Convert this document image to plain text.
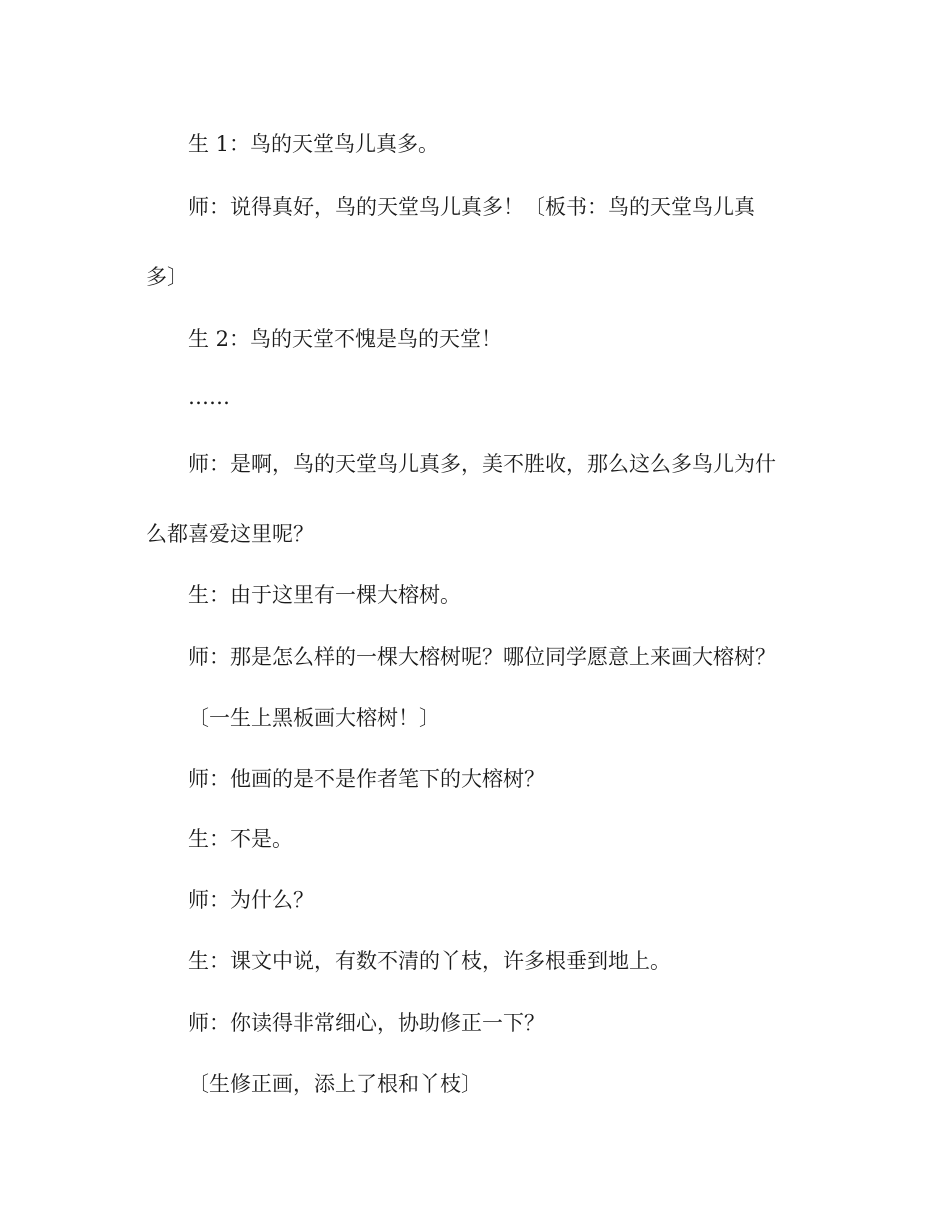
生 1：鸟的天堂鸟儿真多。

师：说得真好，鸟的天堂鸟儿真多！〔板书：鸟的天堂鸟儿真

多〕

生 2：鸟的天堂不愧是鸟的天堂！

……

师：是啊，鸟的天堂鸟儿真多，美不胜收，那么这么多鸟儿为什

么都喜爱这里呢？

生：由于这里有一棵大榕树。

师：那是怎么样的一棵大榕树呢？哪位同学愿意上来画大榕树？

〔一生上黑板画大榕树！〕

师：他画的是不是作者笔下的大榕树？

生：不是。

师：为什么？

生：课文中说，有数不清的丫枝，许多根垂到地上。

师：你读得非常细心，协助修正一下？

〔生修正画，添上了根和丫枝〕
